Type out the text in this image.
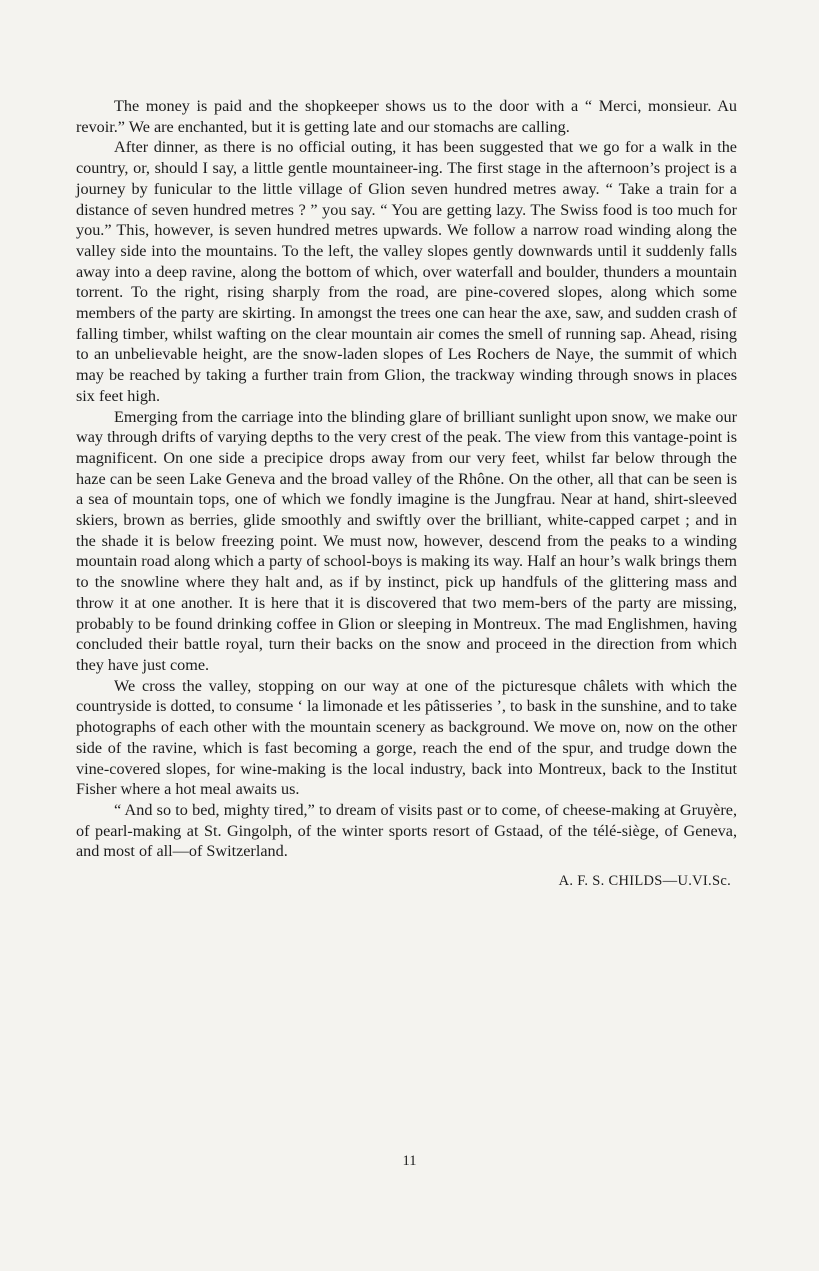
The money is paid and the shopkeeper shows us to the door with a “ Merci, monsieur. Au revoir.” We are enchanted, but it is getting late and our stomachs are calling.

After dinner, as there is no official outing, it has been suggested that we go for a walk in the country, or, should I say, a little gentle mountaineer-ing. The first stage in the afternoon’s project is a journey by funicular to the little village of Glion seven hundred metres away. “ Take a train for a distance of seven hundred metres ? ” you say. “ You are getting lazy. The Swiss food is too much for you.” This, however, is seven hundred metres upwards. We follow a narrow road winding along the valley side into the mountains. To the left, the valley slopes gently downwards until it suddenly falls away into a deep ravine, along the bottom of which, over waterfall and boulder, thunders a mountain torrent. To the right, rising sharply from the road, are pine-covered slopes, along which some members of the party are skirting. In amongst the trees one can hear the axe, saw, and sudden crash of falling timber, whilst wafting on the clear mountain air comes the smell of running sap. Ahead, rising to an unbelievable height, are the snow-laden slopes of Les Rochers de Naye, the summit of which may be reached by taking a further train from Glion, the trackway winding through snows in places six feet high.

Emerging from the carriage into the blinding glare of brilliant sunlight upon snow, we make our way through drifts of varying depths to the very crest of the peak. The view from this vantage-point is magnificent. On one side a precipice drops away from our very feet, whilst far below through the haze can be seen Lake Geneva and the broad valley of the Rhône. On the other, all that can be seen is a sea of mountain tops, one of which we fondly imagine is the Jungfrau. Near at hand, shirt-sleeved skiers, brown as berries, glide smoothly and swiftly over the brilliant, white-capped carpet ; and in the shade it is below freezing point. We must now, however, descend from the peaks to a winding mountain road along which a party of school-boys is making its way. Half an hour’s walk brings them to the snowline where they halt and, as if by instinct, pick up handfuls of the glittering mass and throw it at one another. It is here that it is discovered that two mem-bers of the party are missing, probably to be found drinking coffee in Glion or sleeping in Montreux. The mad Englishmen, having concluded their battle royal, turn their backs on the snow and proceed in the direction from which they have just come.

We cross the valley, stopping on our way at one of the picturesque châlets with which the countryside is dotted, to consume ‘ la limonade et les pâtisseries ’, to bask in the sunshine, and to take photographs of each other with the mountain scenery as background. We move on, now on the other side of the ravine, which is fast becoming a gorge, reach the end of the spur, and trudge down the vine-covered slopes, for wine-making is the local industry, back into Montreux, back to the Institut Fisher where a hot meal awaits us.

“ And so to bed, mighty tired,” to dream of visits past or to come, of cheese-making at Gruyère, of pearl-making at St. Gingolph, of the winter sports resort of Gstaad, of the télé-siège, of Geneva, and most of all—of Switzerland.

A. F. S. CHILDS—U.VI.Sc.
11
